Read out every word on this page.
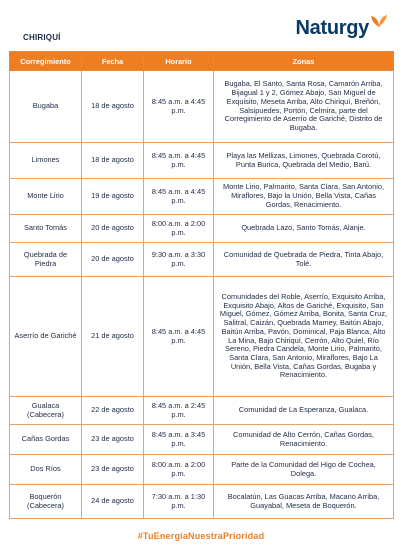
CHIRIQUÍ	Naturgy
Corregimiento	Fecha	Horario	Zonas
Bugaba	18 de agosto	8:45 a.m. a 4:45 p.m.	Bugaba, El Santo, Santa Rosa, Camarón Arriba, Bijagual 1 y 2, Gómez Abajo, San Miguel de Exquisito, Meseta Arriba, Alto Chiriquí, Breñón, Salsipuedes, Portón, Celmira, parte del Corregimiento de Aserrío de Gariché, Distrito de Bugaba.
Limones	18 de agosto	8:45 a.m. a 4:45 p.m.	Playa las Mellizas, Limones, Quebrada Corotú, Punta Burica, Quebrada del Medio, Barú.
Monte Lirio	19 de agosto	8:45 a.m. a 4:45 p.m.	Monte Lirio, Palmarito, Santa Clara, San Antonio, Miraflores, Bajo la Unión, Bella Vista, Cañas Gordas, Renacimiento.
Santo Tomás	20 de agosto	8:00 a.m. a 2:00 p.m.	Quebrada Lazo, Santo Tomás, Alanje.
Quebrada de Piedra	20 de agosto	9:30 a.m. a 3:30 p.m.	Comunidad de Quebrada de Piedra, Tinta Abajo, Tolé.
Aserrío de Gariché	21 de agosto	8:45 a.m. a 4:45 p.m.	Comunidades del Roble, Aserrío, Exquisito Arriba, Exquisito Abajo, Altos de Gariché, Exquisito, San Miguel, Gómez, Gómez Arriba, Bonita, Santa Cruz, Salitral, Caizán, Quebrada Mamey, Baitún Abajo, Baitún Arriba, Pavón, Dominical, Paja Blanca, Alto La Mina, Bajo Chiriquí, Cerrón, Alto Quiel, Río Sereno, Piedra Candela, Monte Lirio, Palmarito, Santa Clara, San Antonio, Miraflores, Bajo La Unión, Bella Vista, Cañas Gordas, Bugaba y Renacimiento.
Gualaca (Cabecera)	22 de agosto	8:45 a.m. a 2:45 p.m.	Comunidad de La Esperanza, Gualaca.
Cañas Gordas	23 de agosto	8:45 a.m. a 3:45 p.m.	Comunidad de Alto Cerrón, Cañas Gordas, Renacimiento.
Dos Ríos	23 de agosto	8:00 a.m. a 2:00 p.m.	Parte de la Comunidad del Higo de Cochea, Dolega.
Boquerón (Cabecera)	24 de agosto	7:30 a.m. a 1:30 p.m.	Bocalatún, Las Guacas Arriba, Macano Arriba, Guayabal, Meseta de Boquerón.
#TuEnergíaNuestraPrioridad
